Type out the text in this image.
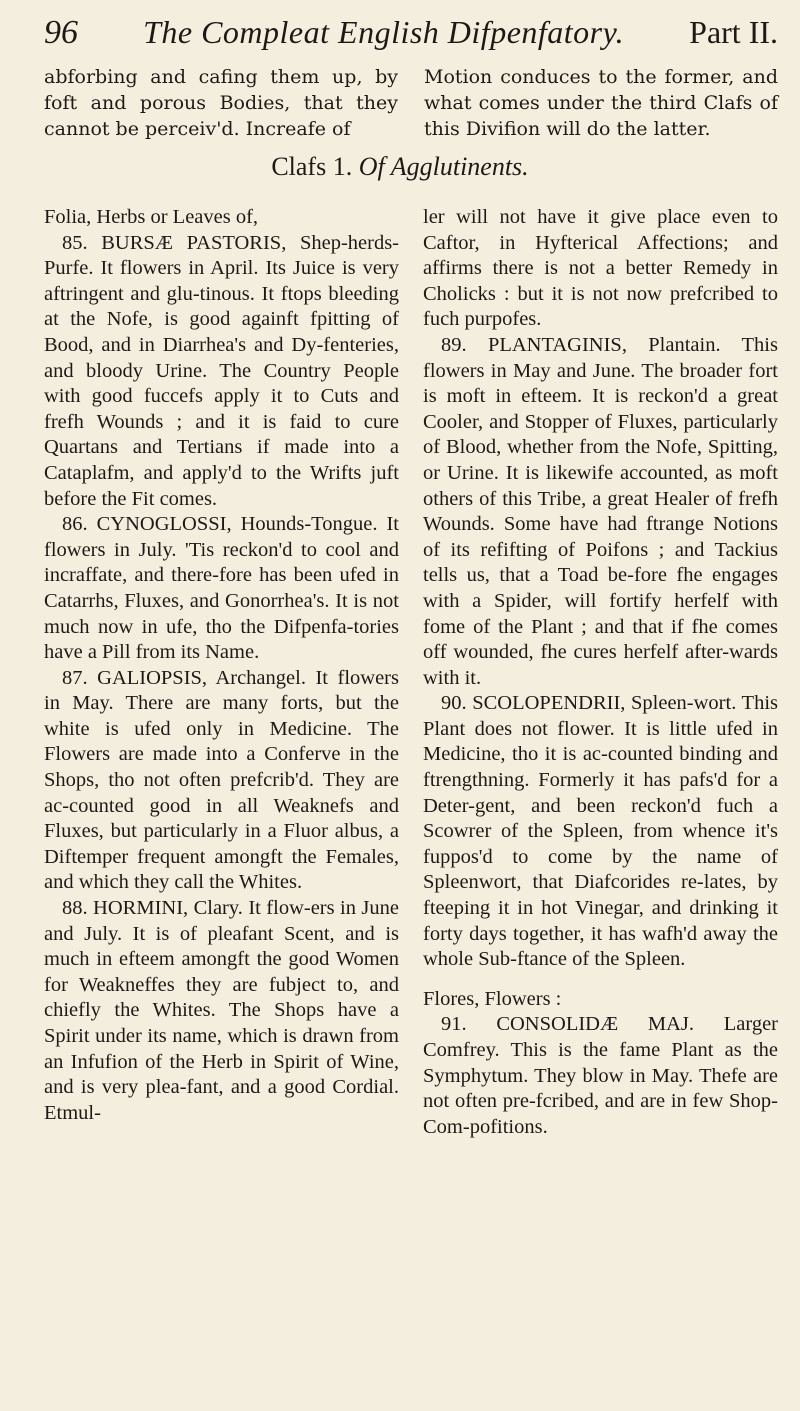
96 The Compleat English Difpenfatory. Part II.

abforbing and cafing them up, by foft and porous Bodies, that they cannot be perceiv'd. Increafe of

Motion conduces to the former, and what comes under the third Clafs of this Divifion will do the latter.

Clafs 1. Of Agglutinents.

Folia, Herbs or Leaves of,

85. BURSÆ PASTORIS, Shep-herds-Purfe. It flowers in April. Its Juice is very aftringent and glu-tinous. It ftops bleeding at the Nofe, is good againft fpitting of Bood, and in Diarrhea's and Dy-fenteries, and bloody Urine. The Country People with good fuccefs apply it to Cuts and frefh Wounds ; and it is faid to cure Quartans and Tertians if made into a Cataplafm, and apply'd to the Wrifts juft before the Fit comes.

86. CYNOGLOSSI, Hounds-Tongue. It flowers in July. 'Tis reckon'd to cool and incraffate, and there-fore has been ufed in Catarrhs, Fluxes, and Gonorrhea's. It is not much now in ufe, tho the Difpenfa-tories have a Pill from its Name.

87. GALIOPSIS, Archangel. It flowers in May. There are many forts, but the white is ufed only in Medicine. The Flowers are made into a Conferve in the Shops, tho not often prefcrib'd. They are ac-counted good in all Weaknefs and Fluxes, but particularly in a Fluor albus, a Diftemper frequent amongft the Females, and which they call the Whites.

88. HORMINI, Clary. It flow-ers in June and July. It is of pleafant Scent, and is much in efteem amongft the good Women for Weakneffes they are fubject to, and chiefly the Whites. The Shops have a Spirit under its name, which is drawn from an Infufion of the Herb in Spirit of Wine, and is very plea-fant, and a good Cordial. Etmul-

ler will not have it give place even to Caftor, in Hyfterical Affections; and affirms there is not a better Remedy in Cholicks : but it is not now prefcribed to fuch purpofes.

89. PLANTAGINIS, Plantain. This flowers in May and June. The broader fort is moft in efteem. It is reckon'd a great Cooler, and Stopper of Fluxes, particularly of Blood, whether from the Nofe, Spitting, or Urine. It is likewife accounted, as moft others of this Tribe, a great Healer of frefh Wounds. Some have had ftrange Notions of its refifting of Poifons ; and Tackius tells us, that a Toad be-fore fhe engages with a Spider, will fortify herfelf with fome of the Plant ; and that if fhe comes off wounded, fhe cures herfelf after-wards with it.

90. SCOLOPENDRII, Spleen-wort. This Plant does not flower. It is little ufed in Medicine, tho it is ac-counted binding and ftrengthning. Formerly it has pafs'd for a Deter-gent, and been reckon'd fuch a Scowrer of the Spleen, from whence it's fuppos'd to come by the name of Spleenwort, that Diafcorides re-lates, by fteeping it in hot Vinegar, and drinking it forty days together, it has wafh'd away the whole Sub-ftance of the Spleen.

Flores, Flowers :

91. CONSOLIDÆ MAJ. Larger Comfrey. This is the fame Plant as the Symphytum. They blow in May. Thefe are not often pre-fcribed, and are in few Shop-Com-pofitions.
